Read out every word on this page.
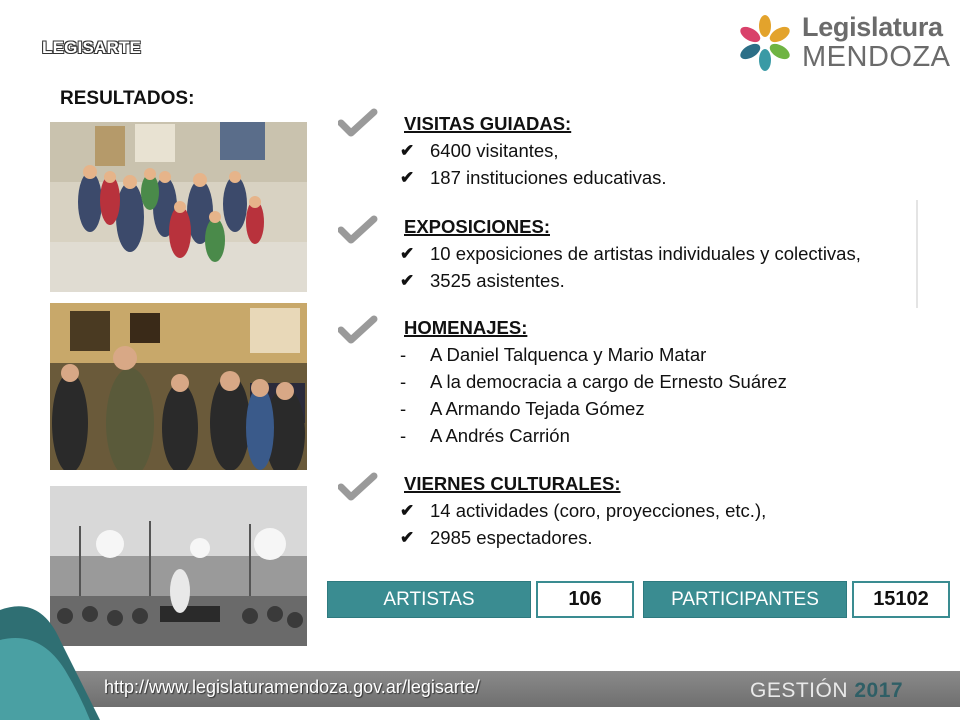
LEGISARTE
Legislatura
MENDOZA
RESULTADOS:
VISITAS GUIADAS:
✔ 6400 visitantes,
✔ 187 instituciones educativas.
EXPOSICIONES:
✔ 10 exposiciones de artistas individuales y colectivas,
✔ 3525 asistentes.
HOMENAJES:
-	A Daniel Talquenca y Mario Matar
-	A la democracia a cargo de Ernesto Suárez
-	A Armando Tejada Gómez
-	A Andrés Carrión
VIERNES CULTURALES:
✔ 14 actividades (coro, proyecciones, etc.),
✔ 2985 espectadores.
ARTISTAS	106	PARTICIPANTES	15102
http://www.legislaturamendoza.gov.ar/legisarte/	GESTIÓN 2017
